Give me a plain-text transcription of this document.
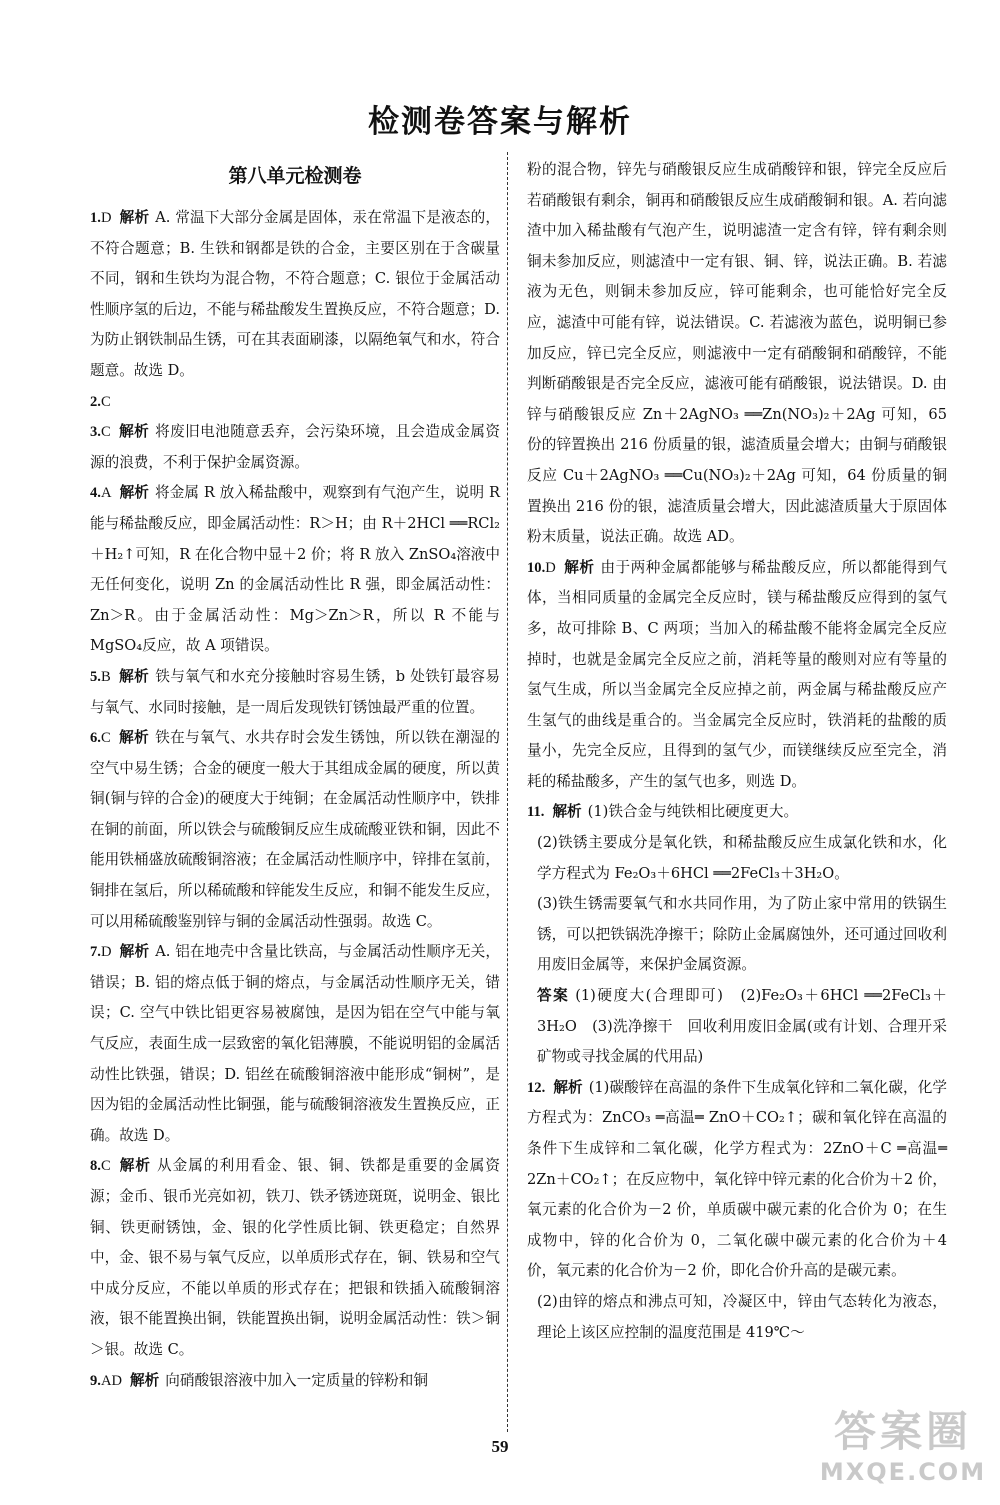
检测卷答案与解析
第八单元检测卷

1.D 解析 A. 常温下大部分金属是固体，汞在常温下是液态的，不符合题意；B. 生铁和钢都是铁的合金，主要区别在于含碳量不同，钢和生铁均为混合物，不符合题意；C. 银位于金属活动性顺序氢的后边，不能与稀盐酸发生置换反应，不符合题意；D. 为防止钢铁制品生锈，可在其表面刷漆，以隔绝氧气和水，符合题意。故选 D。

2.C

3.C 解析 将废旧电池随意丢弃，会污染环境，且会造成金属资源的浪费，不利于保护金属资源。

4.A 解析 将金属 R 放入稀盐酸中，观察到有气泡产生，说明 R 能与稀盐酸反应，即金属活动性：R＞H；由 R＋2HCl ══RCl₂＋H₂↑可知，R 在化合物中显＋2 价；将 R 放入 ZnSO₄溶液中无任何变化，说明 Zn 的金属活动性比 R 强，即金属活动性：Zn＞R。由于金属活动性：Mg＞Zn＞R，所以 R 不能与 MgSO₄反应，故 A 项错误。

5.B 解析 铁与氧气和水充分接触时容易生锈，b 处铁钉最容易与氧气、水同时接触，是一周后发现铁钉锈蚀最严重的位置。

6.C 解析 铁在与氧气、水共存时会发生锈蚀，所以铁在潮湿的空气中易生锈；合金的硬度一般大于其组成金属的硬度，所以黄铜(铜与锌的合金)的硬度大于纯铜；在金属活动性顺序中，铁排在铜的前面，所以铁会与硫酸铜反应生成硫酸亚铁和铜，因此不能用铁桶盛放硫酸铜溶液；在金属活动性顺序中，锌排在氢前，铜排在氢后，所以稀硫酸和锌能发生反应，和铜不能发生反应，可以用稀硫酸鉴别锌与铜的金属活动性强弱。故选 C。

7.D 解析 A. 铝在地壳中含量比铁高，与金属活动性顺序无关，错误；B. 铝的熔点低于铜的熔点，与金属活动性顺序无关，错误；C. 空气中铁比铝更容易被腐蚀，是因为铝在空气中能与氧气反应，表面生成一层致密的氧化铝薄膜，不能说明铝的金属活动性比铁强，错误；D. 铝丝在硫酸铜溶液中能形成“铜树”，是因为铝的金属活动性比铜强，能与硫酸铜溶液发生置换反应，正确。故选 D。

8.C 解析 从金属的利用看金、银、铜、铁都是重要的金属资源；金币、银币光亮如初，铁刀、铁矛锈迹斑斑，说明金、银比铜、铁更耐锈蚀，金、银的化学性质比铜、铁更稳定；自然界中，金、银不易与氧气反应，以单质形式存在，铜、铁易和空气中成分反应，不能以单质的形式存在；把银和铁插入硫酸铜溶液，银不能置换出铜，铁能置换出铜，说明金属活动性：铁＞铜＞银。故选 C。

9.AD 解析 向硝酸银溶液中加入一定质量的锌粉和铜

粉的混合物，锌先与硝酸银反应生成硝酸锌和银，锌完全反应后若硝酸银有剩余，铜再和硝酸银反应生成硝酸铜和银。A. 若向滤渣中加入稀盐酸有气泡产生，说明滤渣一定含有锌，锌有剩余则铜未参加反应，则滤渣中一定有银、铜、锌，说法正确。B. 若滤液为无色，则铜未参加反应，锌可能剩余，也可能恰好完全反应，滤渣中可能有锌，说法错误。C. 若滤液为蓝色，说明铜已参加反应，锌已完全反应，则滤液中一定有硝酸铜和硝酸锌，不能判断硝酸银是否完全反应，滤液可能有硝酸银，说法错误。D. 由锌与硝酸银反应 Zn＋2AgNO₃ ══Zn(NO₃)₂＋2Ag 可知，65 份的锌置换出 216 份质量的银，滤渣质量会增大；由铜与硝酸银反应 Cu＋2AgNO₃ ══Cu(NO₃)₂＋2Ag 可知，64 份质量的铜置换出 216 份的银，滤渣质量会增大，因此滤渣质量大于原固体粉末质量，说法正确。故选 AD。

10.D 解析 由于两种金属都能够与稀盐酸反应，所以都能得到气体，当相同质量的金属完全反应时，镁与稀盐酸反应得到的氢气多，故可排除 B、C 两项；当加入的稀盐酸不能将金属完全反应掉时，也就是金属完全反应之前，消耗等量的酸则对应有等量的氢气生成，所以当金属完全反应掉之前，两金属与稀盐酸反应产生氢气的曲线是重合的。当金属完全反应时，铁消耗的盐酸的质量小，先完全反应，且得到的氢气少，而镁继续反应至完全，消耗的稀盐酸多，产生的氢气也多，则选 D。

11. 解析 (1)铁合金与纯铁相比硬度更大。

(2)铁锈主要成分是氧化铁，和稀盐酸反应生成氯化铁和水，化学方程式为 Fe₂O₃＋6HCl ══2FeCl₃＋3H₂O。

(3)铁生锈需要氧气和水共同作用，为了防止家中常用的铁锅生锈，可以把铁锅洗净擦干；除防止金属腐蚀外，还可通过回收利用废旧金属等，来保护金属资源。

答案 (1)硬度大(合理即可)　(2)Fe₂O₃＋6HCl ══2FeCl₃＋3H₂O　(3)洗净擦干　回收利用废旧金属(或有计划、合理开采矿物或寻找金属的代用品)

12. 解析 (1)碳酸锌在高温的条件下生成氧化锌和二氧化碳，化学方程式为：ZnCO₃ ═高温═ ZnO＋CO₂↑；碳和氧化锌在高温的条件下生成锌和二氧化碳，化学方程式为：2ZnO＋C ═高温═ 2Zn＋CO₂↑；在反应物中，氧化锌中锌元素的化合价为＋2 价，氧元素的化合价为－2 价，单质碳中碳元素的化合价为 0；在生成物中，锌的化合价为 0，二氧化碳中碳元素的化合价为＋4 价，氧元素的化合价为－2 价，即化合价升高的是碳元素。

(2)由锌的熔点和沸点可知，冷凝区中，锌由气态转化为液态，理论上该区应控制的温度范围是 419℃～

59	答案圈
MXQE.COM
